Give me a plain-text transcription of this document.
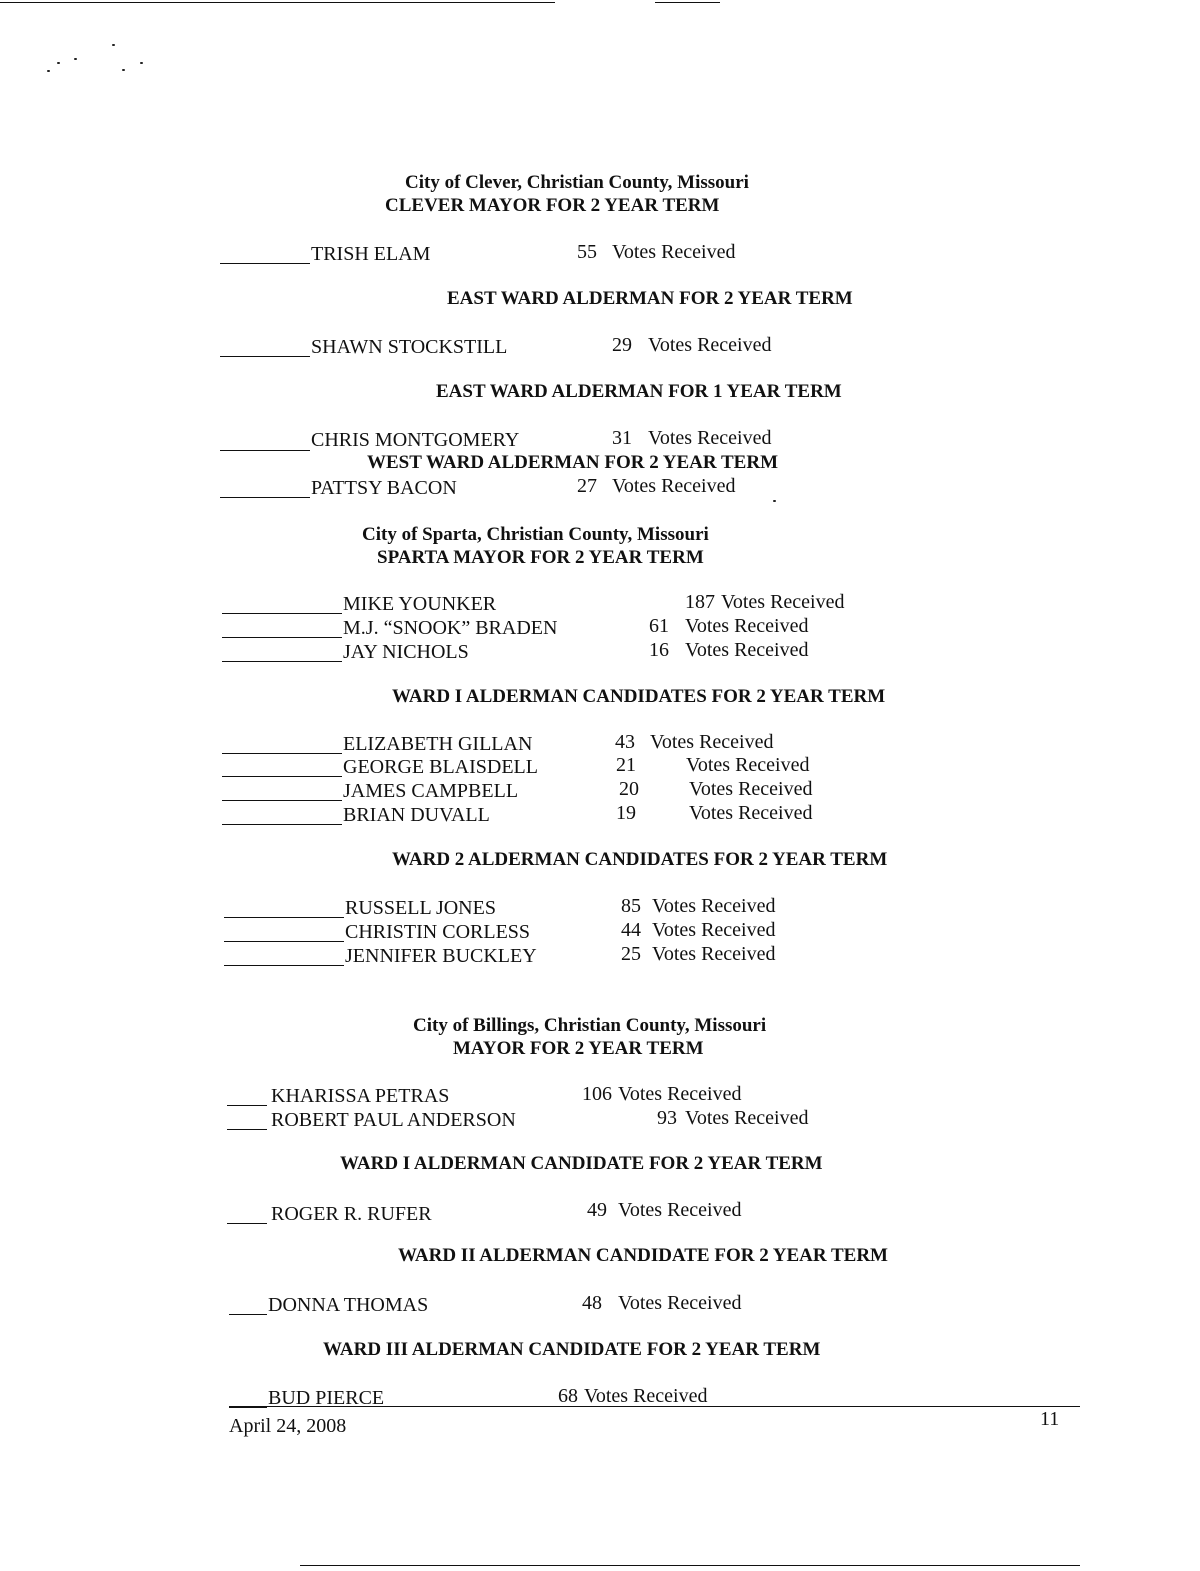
City of Clever, Christian County, Missouri
CLEVER MAYOR FOR 2 YEAR TERM
TRISH ELAM	55 Votes Received
EAST WARD ALDERMAN FOR 2 YEAR TERM
SHAWN STOCKSTILL	29 Votes Received
EAST WARD ALDERMAN FOR 1 YEAR TERM
CHRIS MONTGOMERY	31 Votes Received
WEST WARD ALDERMAN FOR 2 YEAR TERM
PATTSY BACON	27 Votes Received
City of Sparta, Christian County, Missouri
SPARTA MAYOR FOR 2 YEAR TERM
MIKE YOUNKER	187 Votes Received
M.J. “SNOOK” BRADEN	61 Votes Received
JAY NICHOLS	16 Votes Received
WARD I ALDERMAN CANDIDATES FOR 2 YEAR TERM
ELIZABETH GILLAN	43 Votes Received
GEORGE BLAISDELL	21	Votes Received
JAMES CAMPBELL	20	Votes Received
BRIAN DUVALL	19	Votes Received
WARD 2 ALDERMAN CANDIDATES FOR 2 YEAR TERM
RUSSELL JONES	85 Votes Received
CHRISTIN CORLESS	44 Votes Received
JENNIFER BUCKLEY	25 Votes Received
City of Billings, Christian County, Missouri
MAYOR FOR 2 YEAR TERM
KHARISSA PETRAS	106 Votes Received
ROBERT PAUL ANDERSON	93 Votes Received
WARD I ALDERMAN CANDIDATE FOR 2 YEAR TERM
ROGER R. RUFER	49 Votes Received
WARD II ALDERMAN CANDIDATE FOR 2 YEAR TERM
DONNA THOMAS	48 Votes Received
WARD III ALDERMAN CANDIDATE FOR 2 YEAR TERM
BUD PIERCE	68 Votes Received
April 24, 2008	11
